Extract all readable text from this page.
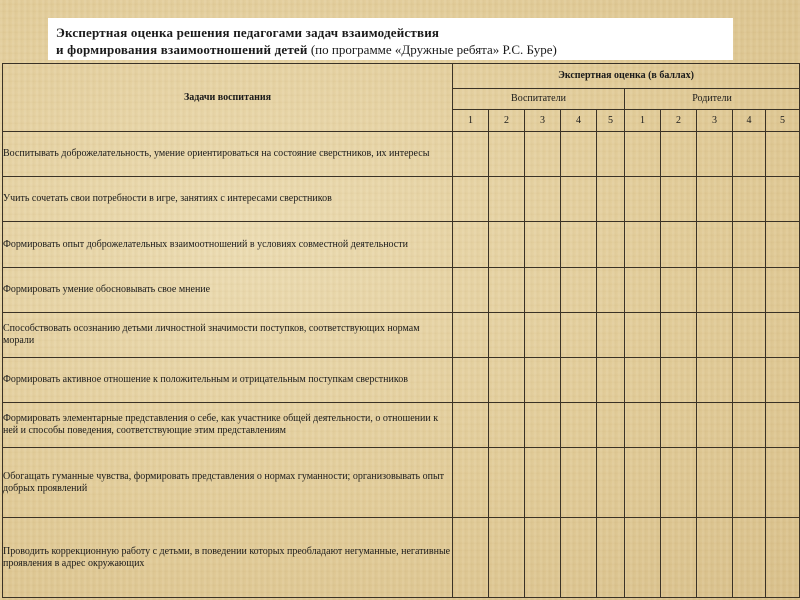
Экспертная оценка решения педагогами задач взаимодействия
и формирования взаимоотношений детей (по программе «Дружные ребята» Р.С. Буре)
Задачи воспитания	Экспертная оценка (в баллах)									
	Воспитатели					Родители				
	1	2	3	4	5	1	2	3	4	5
Воспитывать доброжелательность, умение ориентироваться на состояние сверстников, их интересы										
Учить сочетать свои потребности в игре, занятиях с интересами сверстников										
Формировать опыт доброжелательных взаимоотношений в условиях совместной деятельности										
Формировать умение обосновывать свое мнение										
Способствовать осознанию детьми личностной значимости поступков, соответствующих нормам морали										
Формировать активное отношение к положительным и отрицательным поступкам сверстников										
Формировать элементарные представления о себе, как участнике общей деятельности, о отношении к ней и способы поведения, соответствующие этим представлениям										
Обогащать гуманные чувства, формировать представления о нормах гуманности; организовывать опыт добрых проявлений										
Проводить коррекционную работу с детьми, в поведении которых преобладают негуманные, негативные проявления в адрес окружающих										
